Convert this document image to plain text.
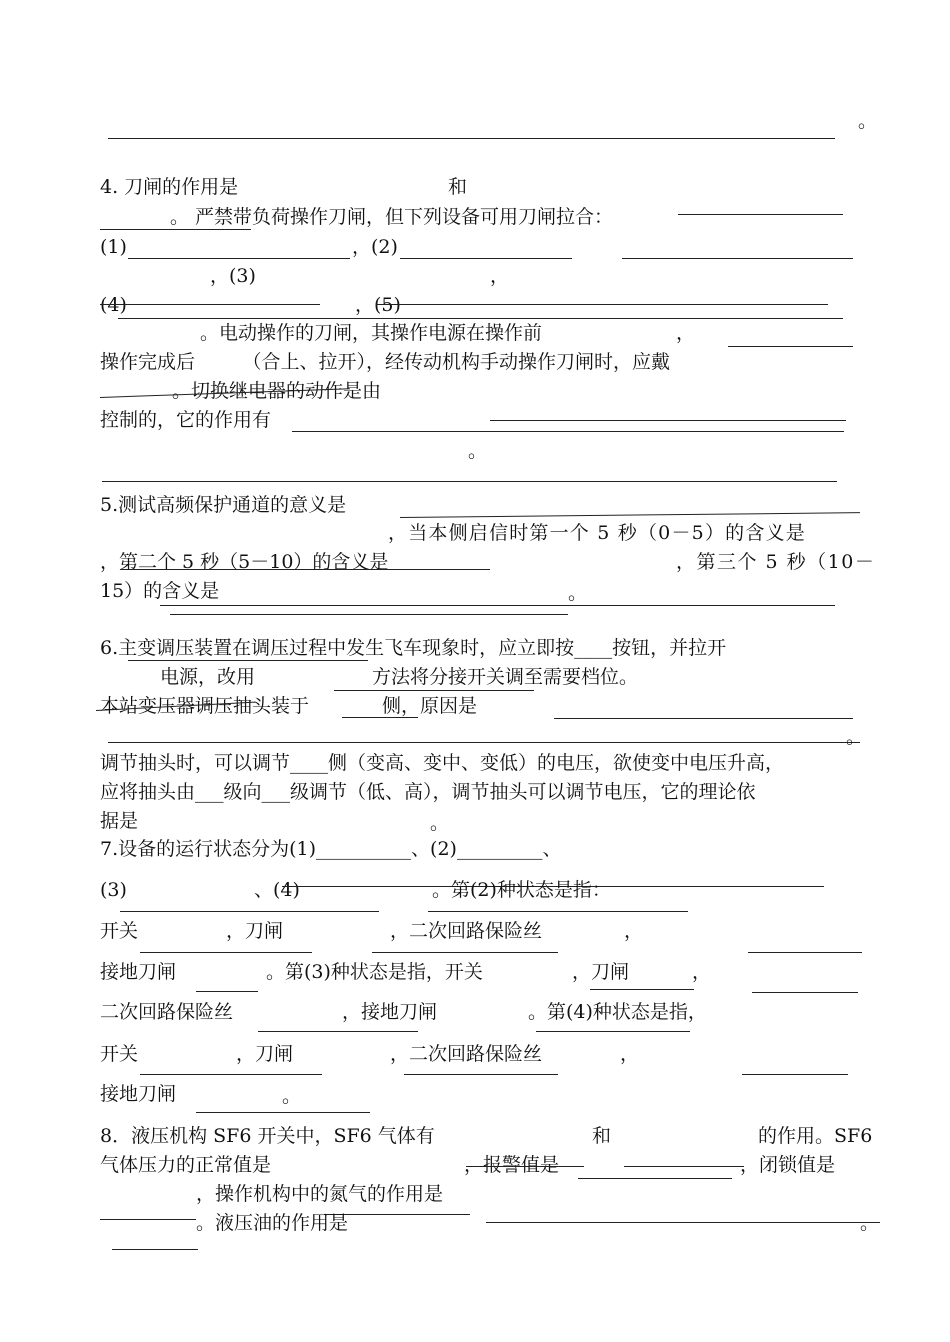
。
4. 刀闸的作用是	和
。 严禁带负荷操作刀闸，但下列设备可用刀闸拉合：
(1)	，(2)
，(3)	，
(4)	，(5)
。电动操作的刀闸，其操作电源在操作前	，
操作完成后　　　（合上、拉开），经传动机构手动操作刀闸时，应戴
。切换继电器的动作是由
控制的，它的作用有
。
5.测试高频保护通道的意义是
，当本侧启信时第一个 5 秒（0－5）的含义是
，第二个 5 秒（5－10）的含义是	，第三个 5 秒（10－
15）的含义是	。
6.主变调压装置在调压过程中发生飞车现象时，应立即按____按钮，并拉开
电源，改用	方法将分接开关调至需要档位。
本站变压器调压抽头装于	侧，原因是
。
调节抽头时，可以调节____侧（变高、变中、变低）的电压，欲使变中电压升高，
应将抽头由___级向___级调节（低、高），调节抽头可以调节电压，它的理论依
据是	。
7.设备的运行状态分为(1)__________、(2)_________、
(3)	、(4)	。第(2)种状态是指：
开关	，刀闸	，二次回路保险丝	，
接地刀闸	。第(3)种状态是指，开关	，刀闸	，
二次回路保险丝	，接地刀闸	。第(4)种状态是指，
开关	，刀闸	，二次回路保险丝	，
接地刀闸	。
8．液压机构 SF6 开关中，SF6 气体有	和	的作用。SF6
气体压力的正常值是	，报警值是	，闭锁值是
，操作机构中的氮气的作用是
。液压油的作用是	。
